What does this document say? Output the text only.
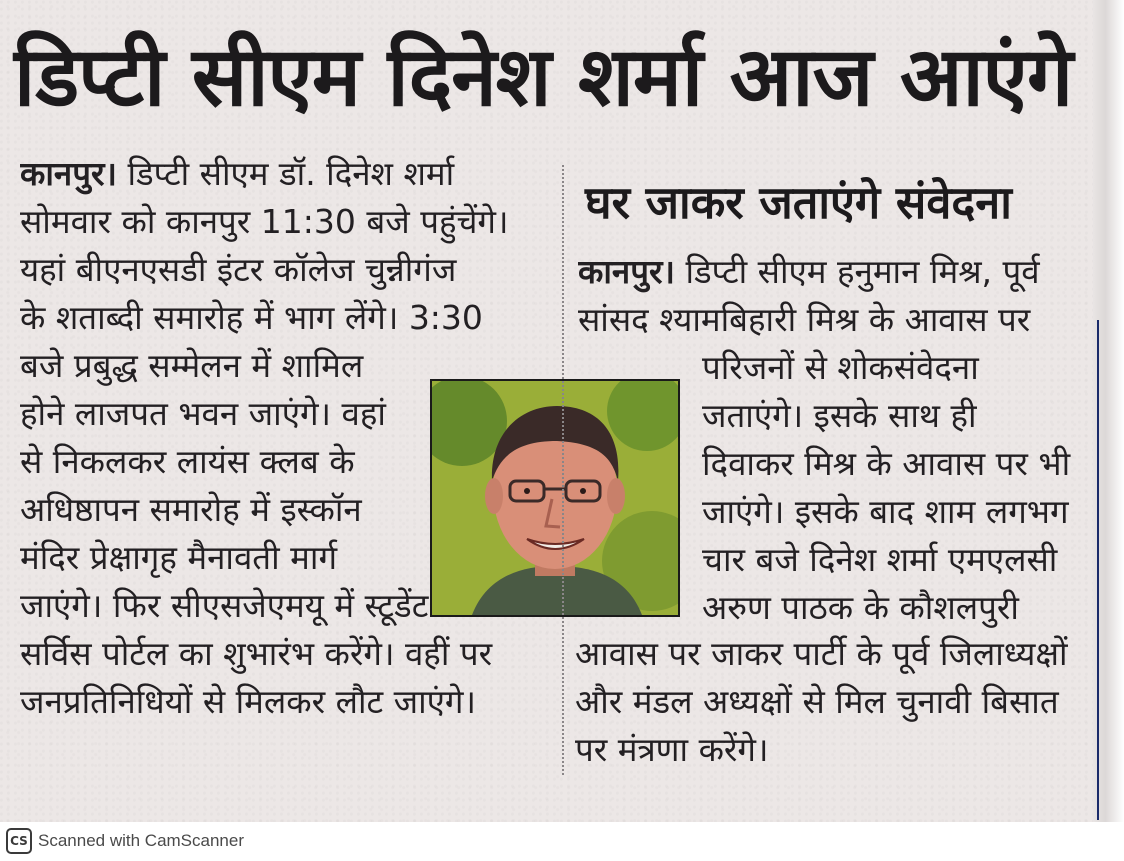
डिप्टी सीएम दिनेश शर्मा आज आएंगे
कानपुर। डिप्टी सीएम डॉ. दिनेश शर्मा
सोमवार को कानपुर 11:30 बजे पहुंचेंगे।
यहां बीएनएसडी इंटर कॉलेज चुन्नीगंज
के शताब्दी समारोह में भाग लेंगे। 3:30
बजे प्रबुद्ध सम्मेलन में शामिल
होने लाजपत भवन जाएंगे। वहां
से निकलकर लायंस क्लब के
अधिष्ठापन समारोह में इस्कॉन
मंदिर प्रेक्षागृह मैनावती मार्ग
जाएंगे। फिर सीएसजेएमयू में स्टूडेंट
सर्विस पोर्टल का शुभारंभ करेंगे। वहीं पर
जनप्रतिनिधियों से मिलकर लौट जाएंगे।
घर जाकर जताएंगे संवेदना
कानपुर। डिप्टी सीएम हनुमान मिश्र, पूर्व
सांसद श्यामबिहारी मिश्र के आवास पर
परिजनों से शोकसंवेदना
जताएंगे। इसके साथ ही
दिवाकर मिश्र के आवास पर भी
जाएंगे। इसके बाद शाम लगभग
चार बजे दिनेश शर्मा एमएलसी
अरुण पाठक के कौशलपुरी
आवास पर जाकर पार्टी के पूर्व जिलाध्यक्षों
और मंडल अध्यक्षों से मिल चुनावी बिसात
पर मंत्रणा करेंगे।
CS Scanned with CamScanner
